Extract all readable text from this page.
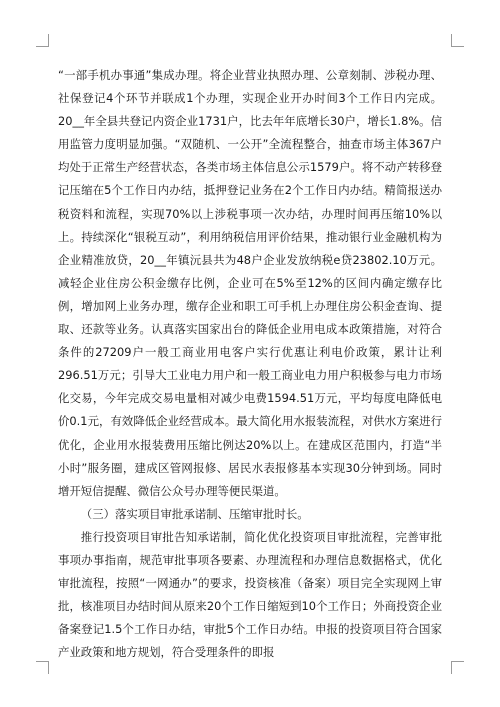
“一部手机办事通”集成办理。将企业营业执照办理、公章刻制、涉税办理、社保登记4个环节并联成1个办理，实现企业开办时间3个工作日内完成。20__年全县共登记内资企业1731户，比去年年底增长30户，增长1.8%。信用监管力度明显加强。“双随机、一公开”全流程整合，抽查市场主体367户均处于正常生产经营状态，各类市场主体信息公示1579户。将不动产转移登记压缩在5个工作日内办结，抵押登记业务在2个工作日内办结。精简报送办税资料和流程，实现70%以上涉税事项一次办结，办理时间再压缩10%以上。持续深化“银税互动”，利用纳税信用评价结果，推动银行业金融机构为企业精准放贷，20__年镇沅县共为48户企业发放纳税e贷23802.10万元。减轻企业住房公积金缴存比例，企业可在5%至12%的区间内确定缴存比例，增加网上业务办理，缴存企业和职工可手机上办理住房公积金查询、提取、还款等业务。认真落实国家出台的降低企业用电成本政策措施，对符合条件的27209户一般工商业用电客户实行优惠让利电价政策，累计让利296.51万元；引导大工业电力用户和一般工商业电力用户积极参与电力市场化交易，今年完成交易电量相对减少电费1594.51万元，平均每度电降低电价0.1元，有效降低企业经营成本。最大简化用水报装流程，对供水方案进行优化，企业用水报装费用压缩比例达20%以上。在建成区范围内，打造“半小时”服务圈，建成区管网报修、居民水表报修基本实现30分钟到场。同时增开短信提醒、微信公众号办理等便民渠道。

（三）落实项目审批承诺制、压缩审批时长。

推行投资项目审批告知承诺制，简化优化投资项目审批流程，完善审批事项办事指南，规范审批事项各要素、办理流程和办理信息数据格式，优化审批流程，按照“一网通办”的要求，投资核准（备案）项目完全实现网上审批，核准项目办结时间从原来20个工作日缩短到10个工作日；外商投资企业备案登记1.5个工作日办结，审批5个工作日办结。申报的投资项目符合国家产业政策和地方规划，符合受理条件的即报
